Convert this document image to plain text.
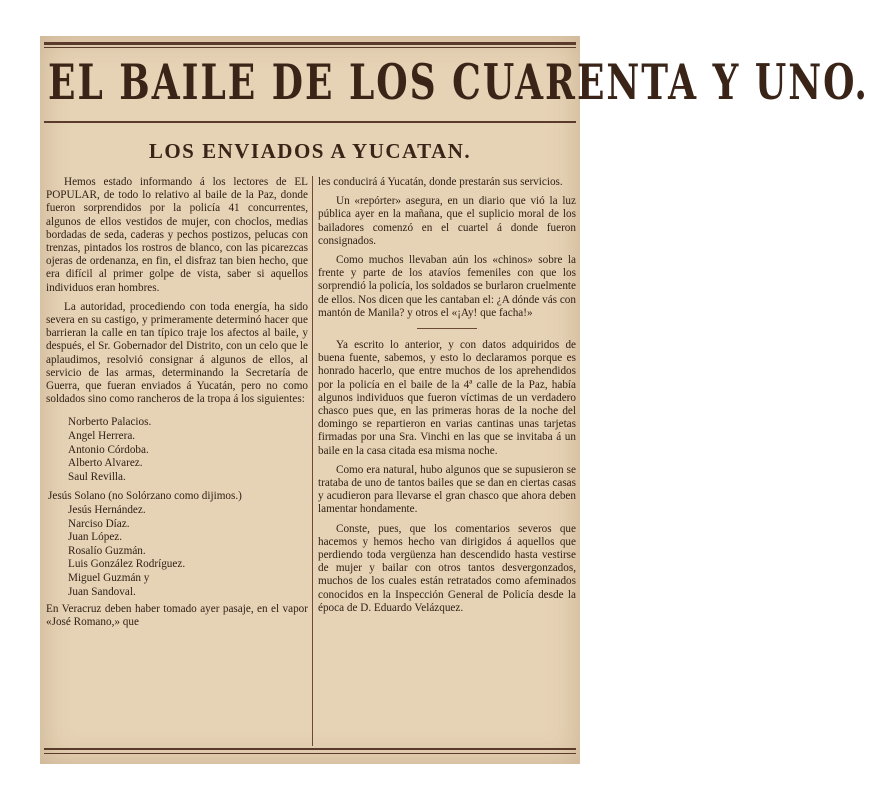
EL BAILE DE LOS CUARENTA Y UNO.
LOS ENVIADOS A YUCATAN.

Hemos estado informando á los lectores de EL POPULAR, de todo lo relativo al baile de la Paz, donde fueron sorprendidos por la policía 41 concurrentes, algunos de ellos vestidos de mujer, con choclos, medias bordadas de seda, caderas y pechos postizos, pelucas con trenzas, pintados los rostros de blanco, con las picarezcas ojeras de ordenanza, en fin, el disfraz tan bien hecho, que era difícil al primer golpe de vista, saber si aquellos individuos eran hombres.

La autoridad, procediendo con toda energía, ha sido severa en su castigo, y primeramente determinó hacer que barrieran la calle en tan típico traje los afectos al baile, y después, el Sr. Gobernador del Distrito, con un celo que le aplaudimos, resolvió consignar á algunos de ellos, al servicio de las armas, determinando la Secretaría de Guerra, que fueran enviados á Yucatán, pero no como soldados sino como rancheros de la tropa á los siguientes:

Norberto Palacios.
Angel Herrera.
Antonio Córdoba.
Alberto Alvarez.
Saul Revilla.
Jesús Solano (no Solórzano como dijimos.)
Jesús Hernández.
Narciso Díaz.
Juan López.
Rosalío Guzmán.
Luis González Rodríguez.
Miguel Guzmán y
Juan Sandoval.

En Veracruz deben haber tomado ayer pasaje, en el vapor «José Romano,» que

les conducirá á Yucatán, donde prestarán sus servicios.

Un «repórter» asegura, en un diario que vió la luz pública ayer en la mañana, que el suplicio moral de los bailadores comenzó en el cuartel á donde fueron consignados.

Como muchos llevaban aún los «chinos» sobre la frente y parte de los atavíos femeniles con que los sorprendió la policía, los soldados se burlaron cruelmente de ellos. Nos dicen que les cantaban el: ¿A dónde vás con mantón de Manila? y otros el «¡Ay! que facha!»

Ya escrito lo anterior, y con datos adquiridos de buena fuente, sabemos, y esto lo declaramos porque es honrado hacerlo, que entre muchos de los aprehendidos por la policía en el baile de la 4ª calle de la Paz, había algunos individuos que fueron víctimas de un verdadero chasco pues que, en las primeras horas de la noche del domingo se repartieron en varias cantinas unas tarjetas firmadas por una Sra. Vinchi en las que se invitaba á un baile en la casa citada esa misma noche.

Como era natural, hubo algunos que se supusieron se trataba de uno de tantos bailes que se dan en ciertas casas y acudieron para llevarse el gran chasco que ahora deben lamentar hondamente.

Conste, pues, que los comentarios severos que hacemos y hemos hecho van dirigidos á aquellos que perdiendo toda vergüenza han descendido hasta vestirse de mujer y bailar con otros tantos desvergonzados, muchos de los cuales están retratados como afeminados conocidos en la Inspección General de Policía desde la época de D. Eduardo Velázquez.
